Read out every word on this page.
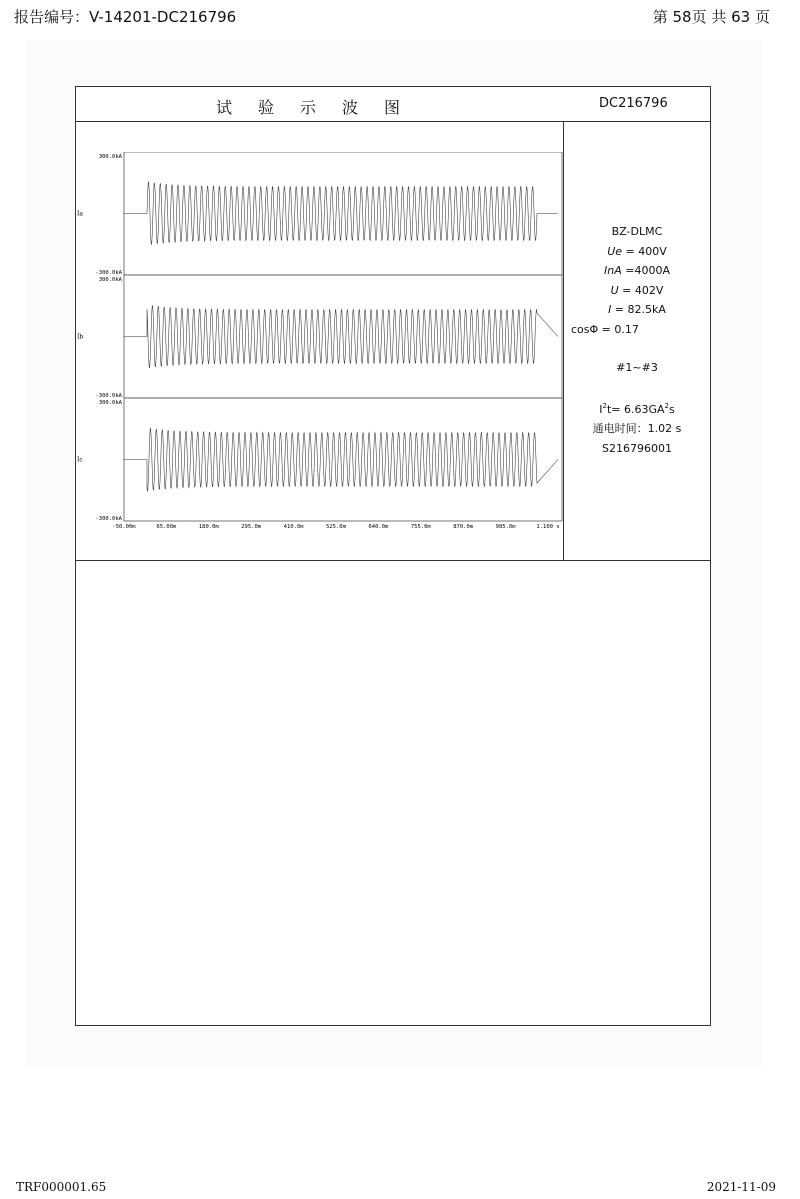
报告编号：V-14201-DC216796	第 58页 共 63 页
试验示波图	DC216796
300.0kA
-300.0kA
Ia
300.0kA
-300.0kA
Ib
300.0kA
-300.0kA
Ic
-50.00m	65.00m	180.0m	295.0m	410.0m	525.0m	640.0m	755.0m	870.0m	985.0m	1.100 s
BZ-DLMC
Ue = 400V
InA =4000A
U = 402V
I = 82.5kA
cosΦ = 0.17
#1~#3
$I^2t= 6.63GA^2s$
通电时间：1.02 s
S216796001
TRF000001.65	2021-11-09
